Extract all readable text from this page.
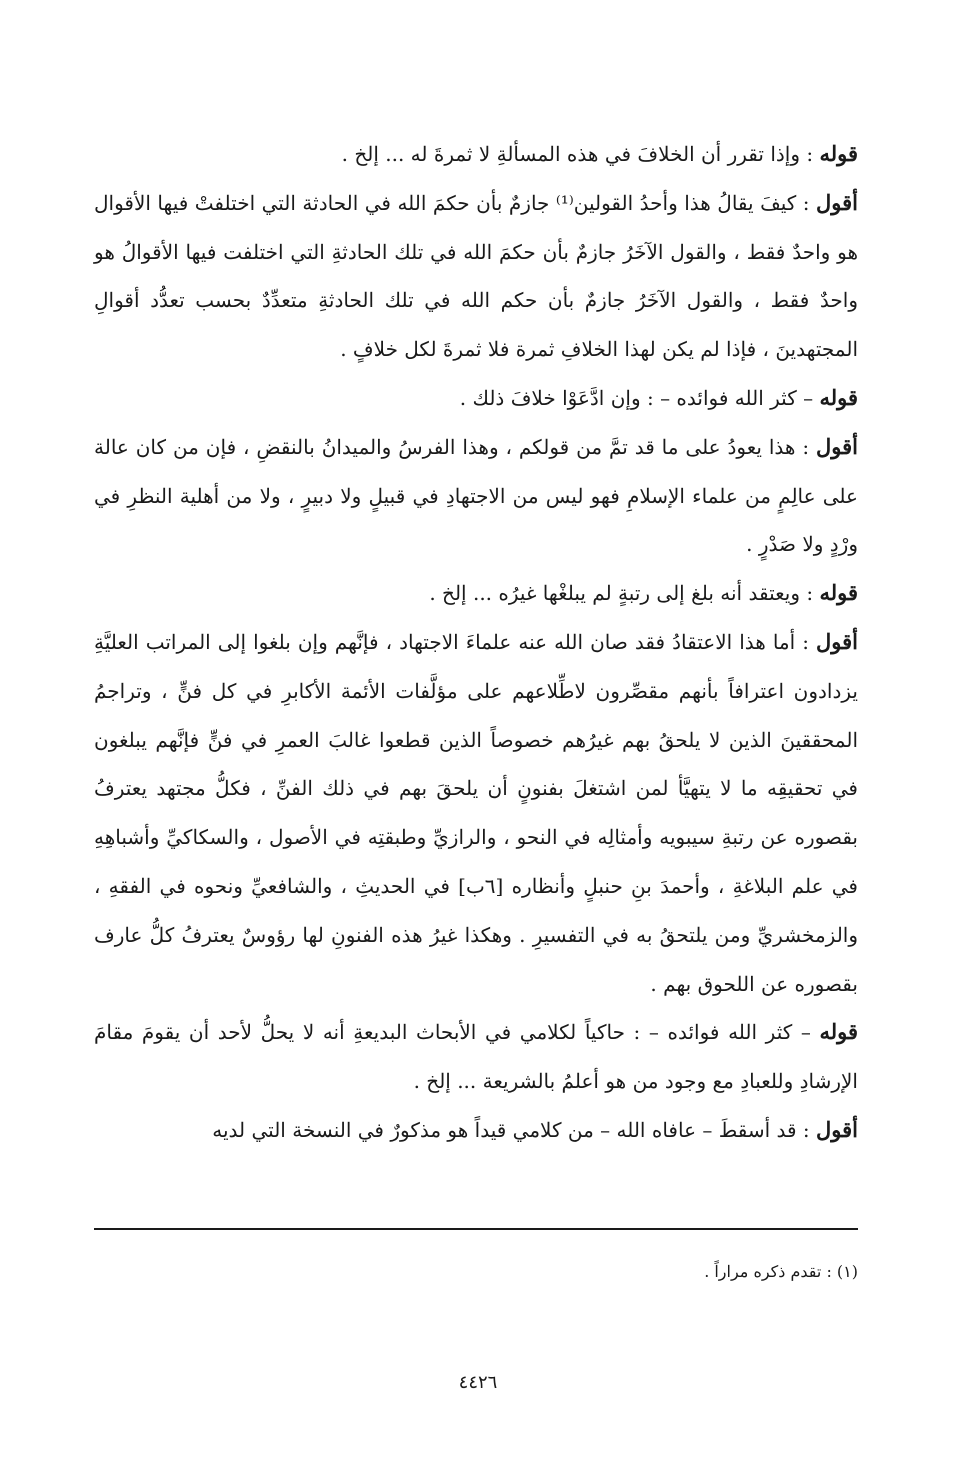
قوله : وإذا تقرر أن الخلافَ في هذه المسألةِ لا ثمرةَ له ... إلخ .

أقول : كيفَ يقالُ هذا وأحدُ القولين⁽¹⁾ جازمٌ بأن حكمَ الله في الحادثة التي اختلفتْ فيها الأقوال هو واحدٌ فقط ، والقول الآخَرُ جازمٌ بأن حكمَ الله في تلك الحادثةِ التي اختلفت فيها الأقوالُ هو واحدٌ فقط ، والقول الآخَرُ جازمٌ بأن حكم الله في تلك الحادثةِ متعدِّدٌ بحسب تعدُّد أقوالِ المجتهدينَ ، فإذا لم يكن لهذا الخلافِ ثمرة فلا ثمرةَ لكل خلافٍ .

قوله – كثر الله فوائده – : وإن ادَّعَوْا خلافَ ذلك .

أقول : هذا يعودُ على ما قد تمَّ من قولكم ، وهذا الفرسُ والميدانُ بالنقضِ ، فإن من كان عالة على عالِمٍ من علماء الإسلامِ فهو ليس من الاجتهادِ في قبيلٍ ولا دبيرٍ ، ولا من أهلية النظرِ في ورْدٍ ولا صَدْرٍ .

قوله : ويعتقد أنه بلغ إلى رتبةٍ لم يبلغْها غيرُه ... إلخ .

أقول : أما هذا الاعتقادُ فقد صان الله عنه علماءَ الاجتهاد ، فإنَّهم وإن بلغوا إلى المراتب العليَّةِ يزدادون اعترافاً بأنهم مقصِّرون لاطِّلاعهم على مؤلَّفات الأئمة الأكابرِ في كل فنٍّ ، وتراجمُ المحققينَ الذين لا يلحقُ بهم غيرُهم خصوصاً الذين قطعوا غالبَ العمرِ في فنٍّ فإنَّهم يبلغون في تحقيقِه ما لا يتهيَّأ لمن اشتغلَ بفنونٍ أن يلحقَ بهم في ذلك الفنِّ ، فكلُّ مجتهد يعترفُ بقصوره عن رتبةِ سيبويه وأمثالِه في النحو ، والرازيِّ وطبقتِه في الأصول ، والسكاكيِّ وأشباهِهِ في علم البلاغةِ ، وأحمدَ بنِ حنبلٍ وأنظاره [٦ب] في الحديثِ ، والشافعيِّ ونحوه في الفقهِ ، والزمخشريِّ ومن يلتحقُ به في التفسيرِ . وهكذا غيرُ هذه الفنونِ لها رؤوسٌ يعترفُ كلُّ عارف بقصوره عن اللحوق بهم .

قوله – كثر الله فوائده – : حاكياً لكلامي في الأبحاث البديعةِ أنه لا يحلُّ لأحد أن يقومَ مقامَ الإرشادِ وللعبادِ مع وجود من هو أعلمُ بالشريعة ... إلخ .

أقول : قد أسقطَ – عافاه الله – من كلامي قيداً هو مذكورٌ في النسخة التي لديه

(١) : تقدم ذكره مراراً .
٤٤٢٦
